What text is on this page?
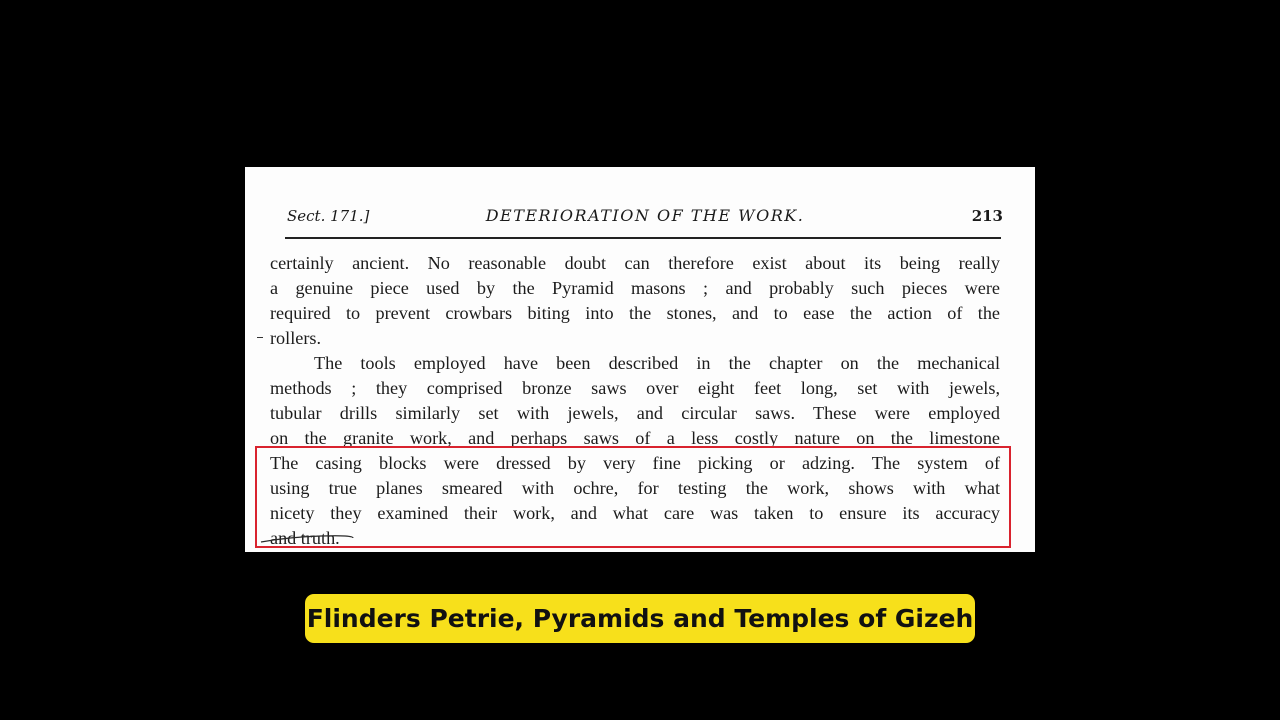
Sect. 171.]	DETERIORATION OF THE WORK.	213
certainly ancient. No reasonable doubt can therefore exist about its being really
a genuine piece used by the Pyramid masons ; and probably such pieces were
required to prevent crowbars biting into the stones, and to ease the action of the
rollers.
The tools employed have been described in the chapter on the mechanical
methods ; they comprised bronze saws over eight feet long, set with jewels,
tubular drills similarly set with jewels, and circular saws. These were employed
on the granite work, and perhaps saws of a less costly nature on the limestone
The casing blocks were dressed by very fine picking or adzing. The system of
using true planes smeared with ochre, for testing the work, shows with what
nicety they examined their work, and what care was taken to ensure its accuracy
and truth.
Flinders Petrie, Pyramids and Temples of Gizeh
